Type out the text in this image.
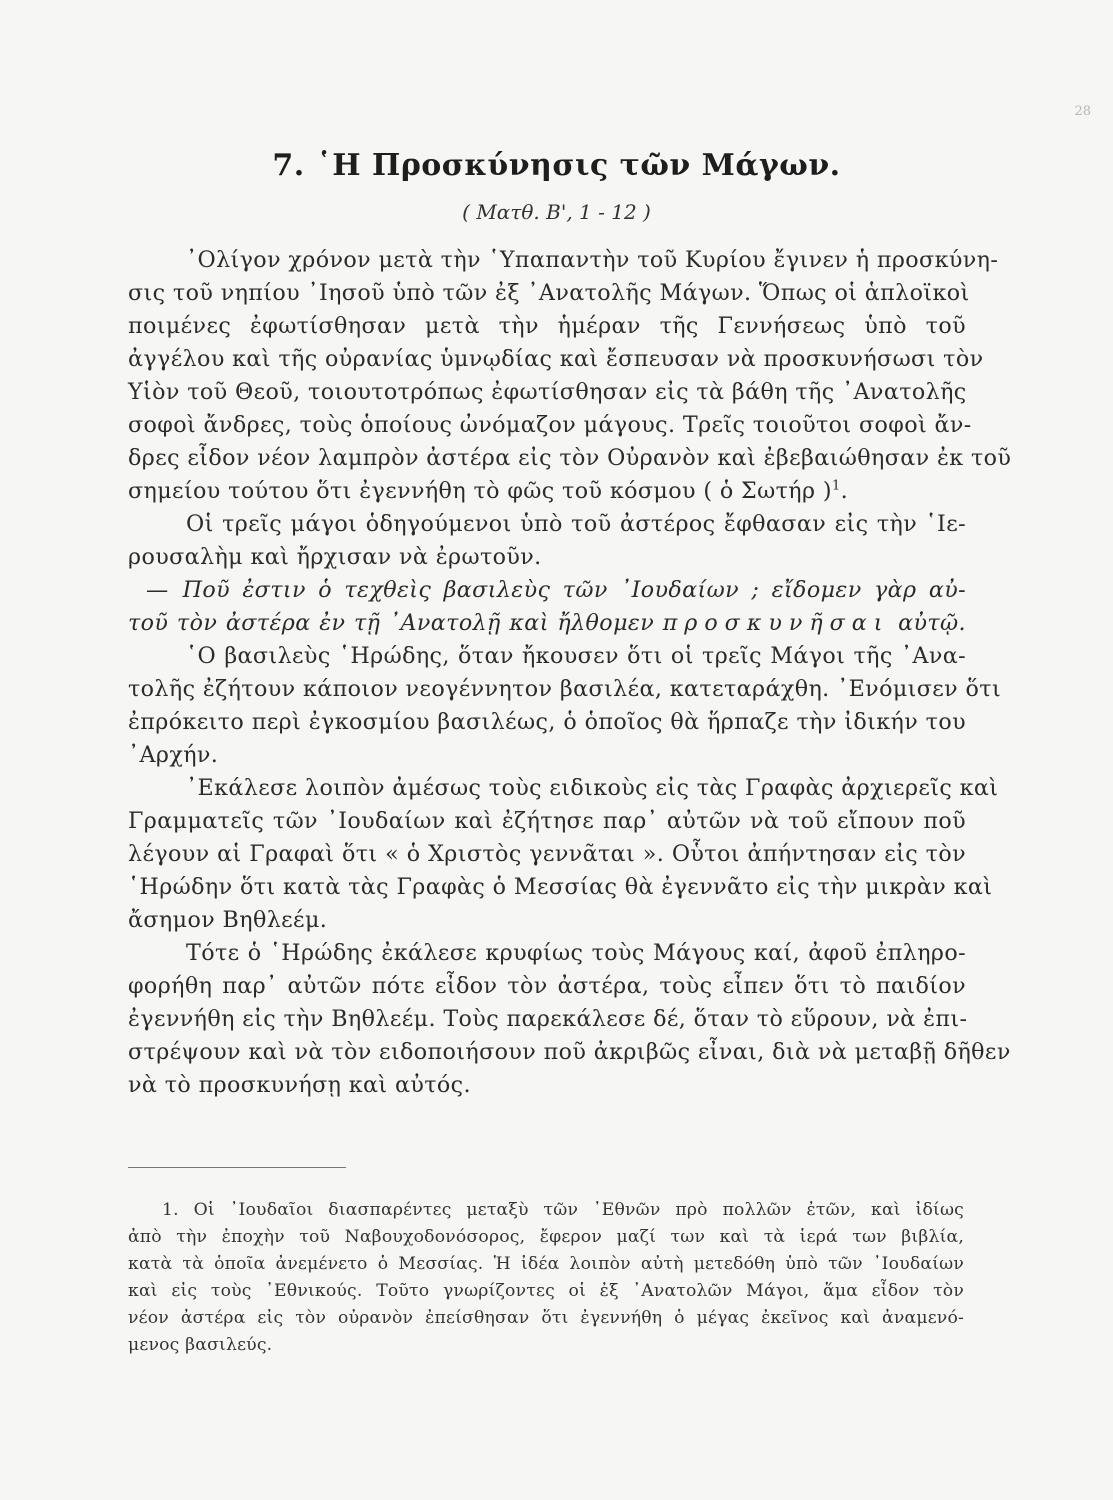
28
7. ῾Η Προσκύνησις τῶν Μάγων.
( Ματθ. Β', 1 - 12 )
᾿Ολίγον χρόνον μετὰ τὴν ῾Υπαπαντὴν τοῦ Κυρίου ἔγινεν ἡ προσκύνη-
σις τοῦ νηπίου ᾿Ιησοῦ ὑπὸ τῶν ἐξ ᾿Ανατολῆς Μάγων. Ὅπως οἱ ἁπλοϊκοὶ
ποιμένες ἐφωτίσθησαν μετὰ τὴν ἡμέραν τῆς Γεννήσεως ὑπὸ τοῦ
ἀγγέλου καὶ τῆς οὐρανίας ὑμνῳδίας καὶ ἔσπευσαν νὰ προσκυνήσωσι τὸν
Υἱὸν τοῦ Θεοῦ, τοιουτοτρόπως ἐφωτίσθησαν εἰς τὰ βάθη τῆς ᾿Ανατολῆς
σοφοὶ ἄνδρες, τοὺς ὁποίους ὠνόμαζον μάγους. Τρεῖς τοιοῦτοι σοφοὶ ἄν-
δρες εἶδον νέον λαμπρὸν ἀστέρα εἰς τὸν Οὐρανὸν καὶ ἐβεβαιώθησαν ἐκ τοῦ
σημείου τούτου ὅτι ἐγεννήθη τὸ φῶς τοῦ κόσμου ( ὁ Σωτήρ )$^1$.
Οἱ τρεῖς μάγοι ὁδηγούμενοι ὑπὸ τοῦ ἀστέρος ἔφθασαν εἰς τὴν ῾Ιε-
ρουσαλὴμ καὶ ἤρχισαν νὰ ἐρωτοῦν.
— Ποῦ ἐστιν ὁ τεχθεὶς βασιλεὺς τῶν ᾿Ιουδαίων ; εἴδομεν γὰρ αὐ-
τοῦ τὸν ἀστέρα ἐν τῇ ᾿Ανατολῇ καὶ ἤλθομεν προσκυνῆσαι αὐτῷ.
῾Ο βασιλεὺς ῾Ηρώδης, ὅταν ἤκουσεν ὅτι οἱ τρεῖς Μάγοι τῆς ᾿Ανα-
τολῆς ἐζήτουν κάποιον νεογέννητον βασιλέα, κατεταράχθη. ᾿Ενόμισεν ὅτι
ἐπρόκειτο περὶ ἐγκοσμίου βασιλέως, ὁ ὁποῖος θὰ ἥρπαζε τὴν ἰδικήν του
᾿Αρχήν.
᾿Εκάλεσε λοιπὸν ἀμέσως τοὺς ειδικοὺς εἰς τὰς Γραφὰς ἀρχιερεῖς καὶ
Γραμματεῖς τῶν ᾿Ιουδαίων καὶ ἐζήτησε παρ᾿ αὐτῶν νὰ τοῦ εἴπουν ποῦ
λέγουν αἱ Γραφαὶ ὅτι « ὁ Χριστὸς γεννᾶται ». Οὗτοι ἀπήντησαν εἰς τὸν
῾Ηρώδην ὅτι κατὰ τὰς Γραφὰς ὁ Μεσσίας θὰ ἐγεννᾶτο εἰς τὴν μικρὰν καὶ
ἄσημον Βηθλεέμ.
Τότε ὁ ῾Ηρώδης ἐκάλεσε κρυφίως τοὺς Μάγους καί, ἀφοῦ ἐπληρο-
φορήθη παρ᾿ αὐτῶν πότε εἶδον τὸν ἀστέρα, τοὺς εἶπεν ὅτι τὸ παιδίον
ἐγεννήθη εἰς τὴν Βηθλεέμ. Τοὺς παρεκάλεσε δέ, ὅταν τὸ εὕρουν, νὰ ἐπι-
στρέψουν καὶ νὰ τὸν ειδοποιήσουν ποῦ ἀκριβῶς εἶναι, διὰ νὰ μεταβῇ δῆθεν
νὰ τὸ προσκυνήσῃ καὶ αὐτός.
1. Οἱ ᾿Ιουδαῖοι διασπαρέντες μεταξὺ τῶν ᾿Εθνῶν πρὸ πολλῶν ἐτῶν, καὶ ἰδίως
ἀπὸ τὴν ἐποχὴν τοῦ Ναβουχοδονόσορος, ἔφερον μαζί των καὶ τὰ ἱερά των βιβλία,
κατὰ τὰ ὁποῖα ἀνεμένετο ὁ Μεσσίας. Ἡ ἰδέα λοιπὸν αὐτὴ μετεδόθη ὑπὸ τῶν ᾿Ιουδαίων
καὶ εἰς τοὺς ᾿Εθνικούς. Τοῦτο γνωρίζοντες οἱ ἐξ ᾿Ανατολῶν Μάγοι, ἅμα εἶδον τὸν
νέον ἀστέρα εἰς τὸν οὐρανὸν ἐπείσθησαν ὅτι ἐγεννήθη ὁ μέγας ἐκεῖνος καὶ ἀναμενό-
μενος βασιλεύς.
